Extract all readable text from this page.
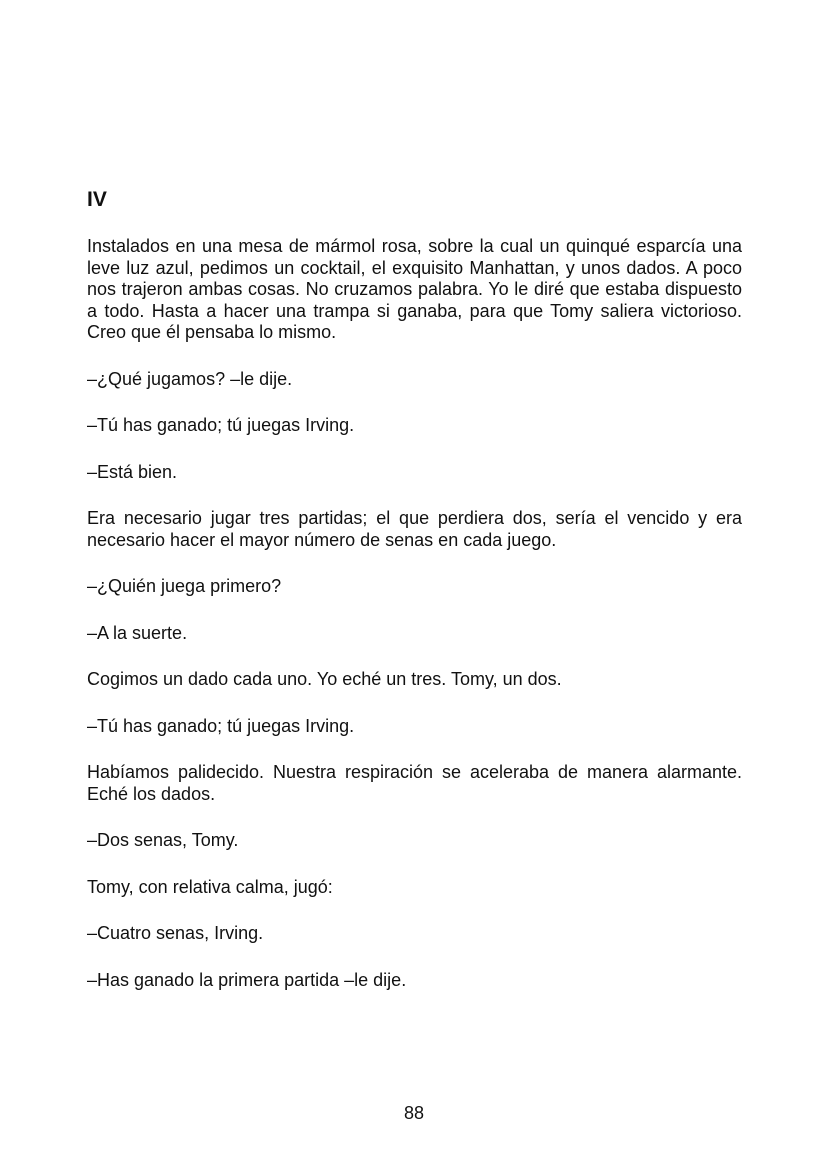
IV
Instalados en una mesa de mármol rosa, sobre la cual un quinqué esparcía una leve luz azul, pedimos un cocktail, el exquisito Manhattan, y unos dados. A poco nos trajeron ambas cosas. No cruzamos palabra. Yo le diré que estaba dispuesto a todo. Hasta a hacer una trampa si ganaba, para que Tomy saliera victorioso. Creo que él pensaba lo mismo.
–¿Qué jugamos? –le dije.
–Tú has ganado; tú juegas Irving.
–Está bien.
Era necesario jugar tres partidas; el que perdiera dos, sería el vencido y era necesario hacer el mayor número de senas en cada juego.
–¿Quién juega primero?
–A la suerte.
Cogimos un dado cada uno. Yo eché un tres. Tomy, un dos.
–Tú has ganado; tú juegas Irving.
Habíamos palidecido. Nuestra respiración se aceleraba de manera alarmante. Eché los dados.
–Dos senas, Tomy.
Tomy, con relativa calma, jugó:
–Cuatro senas, Irving.
–Has ganado la primera partida –le dije.
88
